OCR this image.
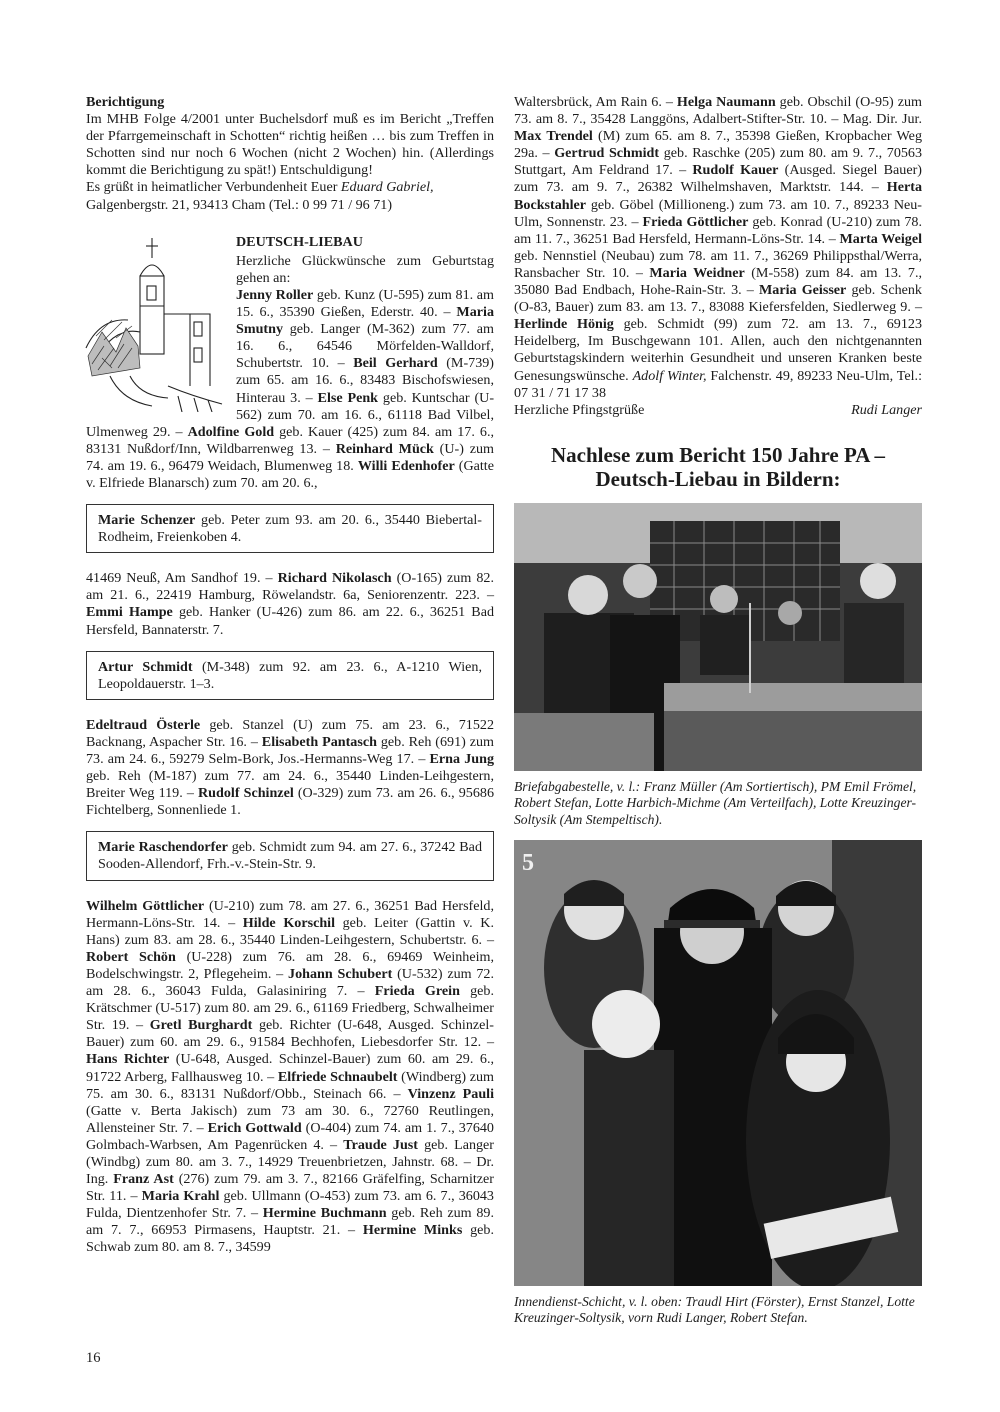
Berichtigung

Im MHB Folge 4/2001 unter Buchelsdorf muß es im Bericht „Treffen der Pfarrgemeinschaft in Schotten“ richtig heißen … bis zum Treffen in Schotten sind nur noch 6 Wochen (nicht 2 Wochen) hin. (Allerdings kommt die Berichtigung zu spät!) Entschuldigung!

Es grüßt in heimatlicher Verbundenheit Euer Eduard Gabriel,
Galgenbergstr. 21, 93413 Cham (Tel.: 0 99 71 / 96 71)

DEUTSCH-LIEBAU

Herzliche Glückwünsche zum Geburtstag gehen an:

Jenny Roller geb. Kunz (U-595) zum 81. am 15. 6., 35390 Gießen, Ederstr. 40. – Maria Smutny geb. Langer (M-362) zum 77. am 16. 6., 64546 Mörfelden-Walldorf, Schubertstr. 10. – Beil Gerhard (M-739) zum 65. am 16. 6., 83483 Bischofswiesen, Hinterau 3. – Else Penk geb. Kuntschar (U-562) zum 70. am 16. 6., 61118 Bad Vilbel, Ulmenweg 29. – Adolfine Gold geb. Kauer (425) zum 84. am 17. 6., 83131 Nußdorf/Inn, Wildbarrenweg 13. – Reinhard Mück (U-) zum 74. am 19. 6., 96479 Weidach, Blumenweg 18. Willi Edenhofer (Gatte v. Elfriede Blanarsch) zum 70. am 20. 6.,

Marie Schenzer geb. Peter zum 93. am 20. 6., 35440 Biebertal-Rodheim, Freienkoben 4.

41469 Neuß, Am Sandhof 19. – Richard Nikolasch (O-165) zum 82. am 21. 6., 22419 Hamburg, Röwelandstr. 6a, Seniorenzentr. 223. – Emmi Hampe geb. Hanker (U-426) zum 86. am 22. 6., 36251 Bad Hersfeld, Bannaterstr. 7.

Artur Schmidt (M-348) zum 92. am 23. 6., A-1210 Wien, Leopoldauerstr. 1–3.

Edeltraud Österle geb. Stanzel (U) zum 75. am 23. 6., 71522 Backnang, Aspacher Str. 16. – Elisabeth Pantasch geb. Reh (691) zum 73. am 24. 6., 59279 Selm-Bork, Jos.-Hermanns-Weg 17. – Erna Jung geb. Reh (M-187) zum 77. am 24. 6., 35440 Linden-Leihgestern, Breiter Weg 119. – Rudolf Schinzel (O-329) zum 73. am 26. 6., 95686 Fichtelberg, Sonnenliede 1.

Marie Raschendorfer geb. Schmidt zum 94. am 27. 6., 37242 Bad Sooden-Allendorf, Frh.-v.-Stein-Str. 9.

Wilhelm Göttlicher (U-210) zum 78. am 27. 6., 36251 Bad Hersfeld, Hermann-Löns-Str. 14. – Hilde Korschil geb. Leiter (Gattin v. K. Hans) zum 83. am 28. 6., 35440 Linden-Leihgestern, Schubertstr. 6. – Robert Schön (U-228) zum 76. am 28. 6., 69469 Weinheim, Bodelschwingstr. 2, Pflegeheim. – Johann Schubert (U-532) zum 72. am 28. 6., 36043 Fulda, Galasiniring 7. – Frieda Grein geb. Krätschmer (U-517) zum 80. am 29. 6., 61169 Friedberg, Schwalheimer Str. 19. – Gretl Burghardt geb. Richter (U-648, Ausged. Schinzel-Bauer) zum 60. am 29. 6., 91584 Bechhofen, Liebesdorfer Str. 12. – Hans Richter (U-648, Ausged. Schinzel-Bauer) zum 60. am 29. 6., 91722 Arberg, Fallhausweg 10. – Elfriede Schnaubelt (Windberg) zum 75. am 30. 6., 83131 Nußdorf/Obb., Steinach 66. – Vinzenz Pauli (Gatte v. Berta Jakisch) zum 73 am 30. 6., 72760 Reutlingen, Allensteiner Str. 7. – Erich Gottwald (O-404) zum 74. am 1. 7., 37640 Golmbach-Warbsen, Am Pagenrücken 4. – Traude Just geb. Langer (Windbg) zum 80. am 3. 7., 14929 Treuenbrietzen, Jahnstr. 68. – Dr. Ing. Franz Ast (276) zum 79. am 3. 7., 82166 Gräfelfing, Scharnitzer Str. 11. – Maria Krahl geb. Ullmann (O-453) zum 73. am 6. 7., 36043 Fulda, Dientzenhofer Str. 7. – Hermine Buchmann geb. Reh zum 89. am 7. 7., 66953 Pirmasens, Hauptstr. 21. – Hermine Minks geb. Schwab zum 80. am 8. 7., 34599

Waltersbrück, Am Rain 6. – Helga Naumann geb. Obschil (O-95) zum 73. am 8. 7., 35428 Langgöns, Adalbert-Stifter-Str. 10. – Mag. Dir. Jur. Max Trendel (M) zum 65. am 8. 7., 35398 Gießen, Kropbacher Weg 29a. – Gertrud Schmidt geb. Raschke (205) zum 80. am 9. 7., 70563 Stuttgart, Am Feldrand 17. – Rudolf Kauer (Ausged. Siegel Bauer) zum 73. am 9. 7., 26382 Wilhelmshaven, Marktstr. 144. – Herta Bockstahler geb. Göbel (Millioneng.) zum 73. am 10. 7., 89233 Neu-Ulm, Sonnenstr. 23. – Frieda Göttlicher geb. Konrad (U-210) zum 78. am 11. 7., 36251 Bad Hersfeld, Hermann-Löns-Str. 14. – Marta Weigel geb. Nennstiel (Neubau) zum 78. am 11. 7., 36269 Philippsthal/Werra, Ransbacher Str. 10. – Maria Weidner (M-558) zum 84. am 13. 7., 35080 Bad Endbach, Hohe-Rain-Str. 3. – Maria Geisser geb. Schenk (O-83, Bauer) zum 83. am 13. 7., 83088 Kiefersfelden, Siedlerweg 9. – Herlinde Hönig geb. Schmidt (99) zum 72. am 13. 7., 69123 Heidelberg, Im Buschgewann 101. Allen, auch den nichtgenannten Geburtstagskindern weiterhin Gesundheit und unseren Kranken beste Genesungswünsche. Adolf Winter, Falchenstr. 49, 89233 Neu-Ulm, Tel.: 07 31 / 71 17 38

Herzliche Pfingstgrüße	Rudi Langer

Nachlese zum Bericht 150 Jahre PA – Deutsch-Liebau in Bildern:

Briefabgabestelle, v. l.: Franz Müller (Am Sortiertisch), PM Emil Frömel, Robert Stefan, Lotte Harbich-Michme (Am Verteilfach), Lotte Kreuzinger-Soltysik (Am Stempeltisch).

5

Innendienst-Schicht, v. l. oben: Traudl Hirt (Förster), Ernst Stanzel, Lotte Kreuzinger-Soltysik, vorn Rudi Langer, Robert Stefan.

16
